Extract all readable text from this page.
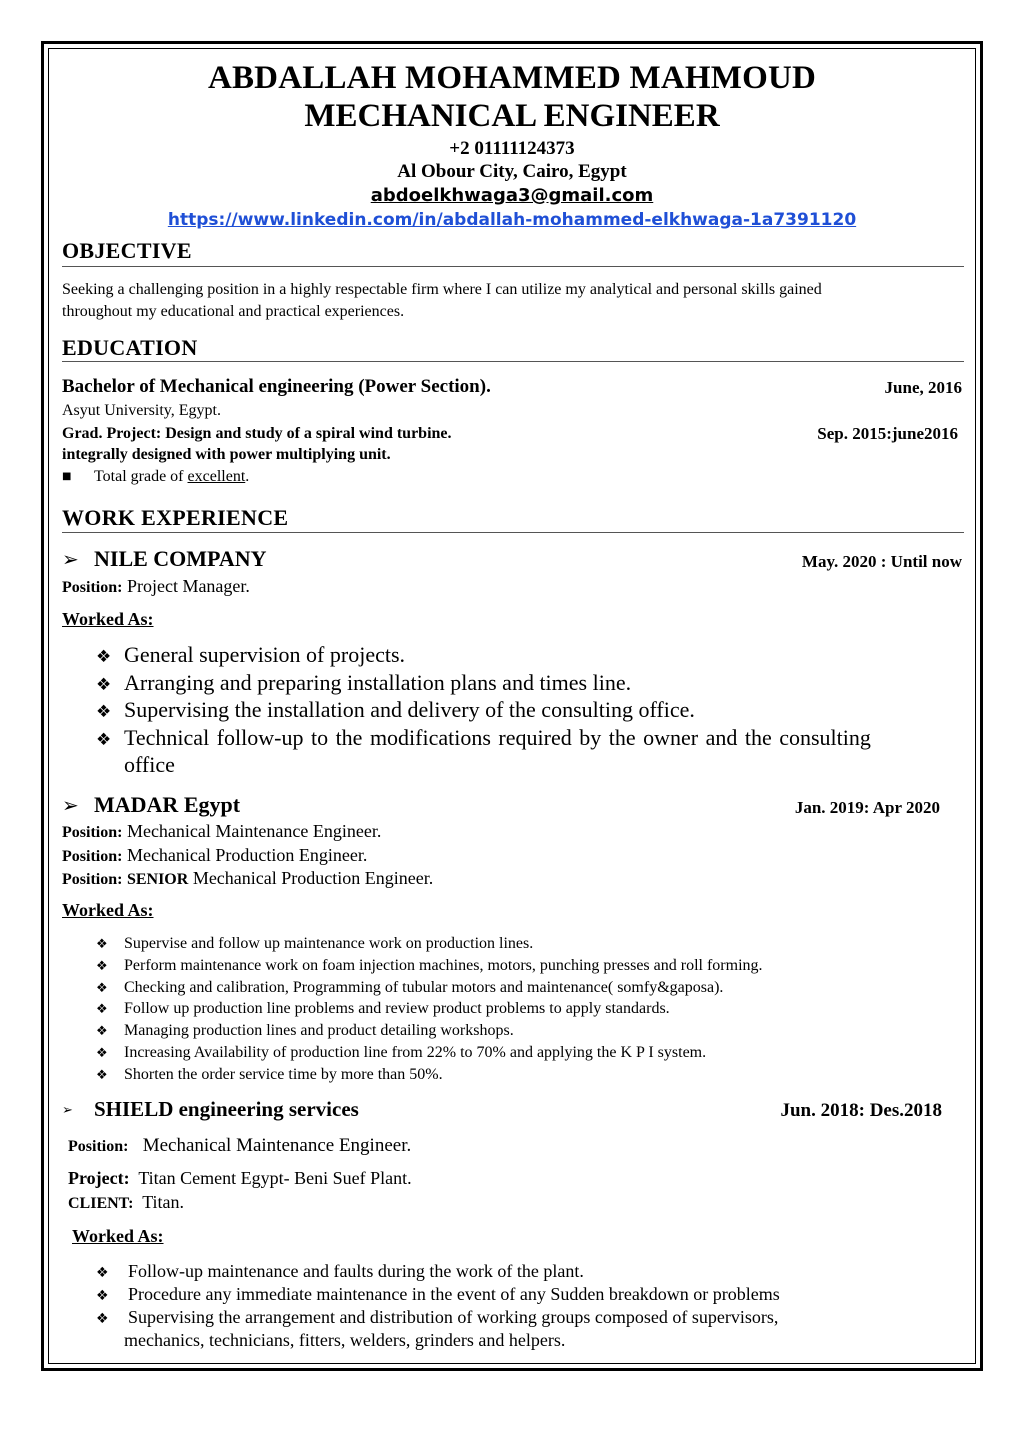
ABDALLAH MOHAMMED MAHMOUD
MECHANICAL ENGINEER
+2 01111124373
Al Obour City, Cairo, Egypt
abdoelkhwaga3@gmail.com
https://www.linkedin.com/in/abdallah-mohammed-elkhwaga-1a7391120
OBJECTIVE
Seeking a challenging position in a highly respectable firm where I can utilize my analytical and personal skills gained
throughout my educational and practical experiences.
EDUCATION
Bachelor of Mechanical engineering (Power Section).	June, 2016
Asyut University, Egypt.
Grad. Project: Design and study of a spiral wind turbine.	Sep. 2015:june2016
integrally designed with power multiplying unit.
■ Total grade of excellent.
WORK EXPERIENCE
➢ NILE COMPANY	May. 2020 : Until now
Position: Project Manager.
Worked As:
❖ General supervision of projects.
❖ Arranging and preparing installation plans and times line.
❖ Supervising the installation and delivery of the consulting office.
❖ Technical follow-up to the modifications required by the owner and the consulting
office
➢ MADAR Egypt	Jan. 2019: Apr 2020
Position: Mechanical Maintenance Engineer.
Position: Mechanical Production Engineer.
Position: SENIOR Mechanical Production Engineer.
Worked As:
❖ Supervise and follow up maintenance work on production lines.
❖ Perform maintenance work on foam injection machines, motors, punching presses and roll forming.
❖ Checking and calibration, Programming of tubular motors and maintenance( somfy&gaposa).
❖ Follow up production line problems and review product problems to apply standards.
❖ Managing production lines and product detailing workshops.
❖ Increasing Availability of production line from 22% to 70% and applying the K P I system.
❖ Shorten the order service time by more than 50%.
➢ SHIELD engineering services	Jun. 2018: Des.2018
Position: Mechanical Maintenance Engineer.
Project: Titan Cement Egypt- Beni Suef Plant.
CLIENT: Titan.
Worked As:
❖ Follow-up maintenance and faults during the work of the plant.
❖ Procedure any immediate maintenance in the event of any Sudden breakdown or problems
❖ Supervising the arrangement and distribution of working groups composed of supervisors,
mechanics, technicians, fitters, welders, grinders and helpers.
